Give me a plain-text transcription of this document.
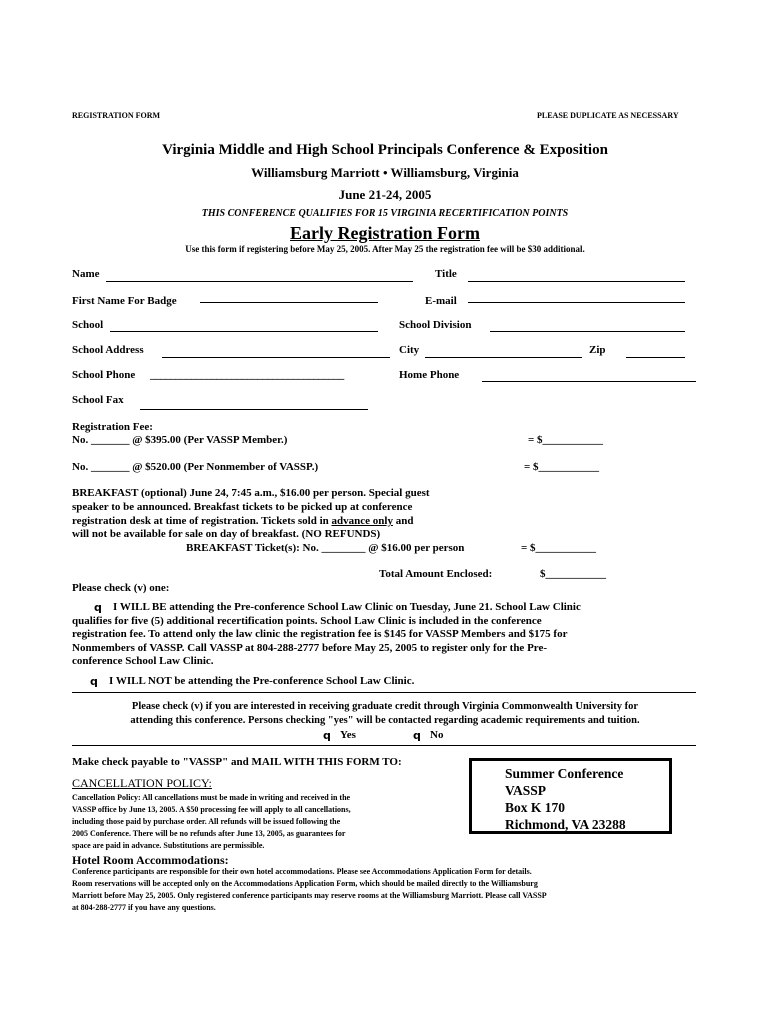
REGISTRATION FORM	PLEASE DUPLICATE AS NECESSARY
Virginia Middle and High School Principals Conference & Exposition
Williamsburg Marriott • Williamsburg, Virginia
June 21-24, 2005
THIS CONFERENCE QUALIFIES FOR 15 VIRGINIA RECERTIFICATION POINTS
Early Registration Form
Use this form if registering before May 25, 2005. After May 25 the registration fee will be $30 additional.
Name	Title
First Name For Badge	E-mail
School	School Division
School Address	City	Zip
School Phone ______________________________________	Home Phone
School Fax
Registration Fee:
No. _______ @ $395.00 (Per VASSP Member.)	= $___________
No. _______ @ $520.00 (Per Nonmember of VASSP.)	= $___________
BREAKFAST (optional) June 24, 7:45 a.m., $16.00 per person. Special guest
speaker to be announced. Breakfast tickets to be picked up at conference
registration desk at time of registration. Tickets sold in advance only and
will not be available for sale on day of breakfast. (NO REFUNDS)
BREAKFAST Ticket(s): No. ________ @ $16.00 per person	= $___________
Total Amount Enclosed:	$___________
Please check (v) one:
q I WILL BE attending the Pre-conference School Law Clinic on Tuesday, June 21. School Law Clinic
qualifies for five (5) additional recertification points. School Law Clinic is included in the conference
registration fee. To attend only the law clinic the registration fee is $145 for VASSP Members and $175 for
Nonmembers of VASSP. Call VASSP at 804-288-2777 before May 25, 2005 to register only for the Pre-
conference School Law Clinic.
q I WILL NOT be attending the Pre-conference School Law Clinic.
Please check (v) if you are interested in receiving graduate credit through Virginia Commonwealth University for
attending this conference. Persons checking "yes" will be contacted regarding academic requirements and tuition.
q Yes	q No
Make check payable to "VASSP" and MAIL WITH THIS FORM TO:
CANCELLATION POLICY:
Cancellation Policy: All cancellations must be made in writing and received in the
VASSP office by June 13, 2005. A $50 processing fee will apply to all cancellations,
including those paid by purchase order. All refunds will be issued following the
2005 Conference. There will be no refunds after June 13, 2005, as guarantees for
space are paid in advance. Substitutions are permissible.
Summer Conference
VASSP
Box K 170
Richmond, VA 23288
Hotel Room Accommodations:
Conference participants are responsible for their own hotel accommodations. Please see Accommodations Application Form for details.
Room reservations will be accepted only on the Accommodations Application Form, which should be mailed directly to the Williamsburg
Marriott before May 25, 2005. Only registered conference participants may reserve rooms at the Williamsburg Marriott. Please call VASSP
at 804-288-2777 if you have any questions.
